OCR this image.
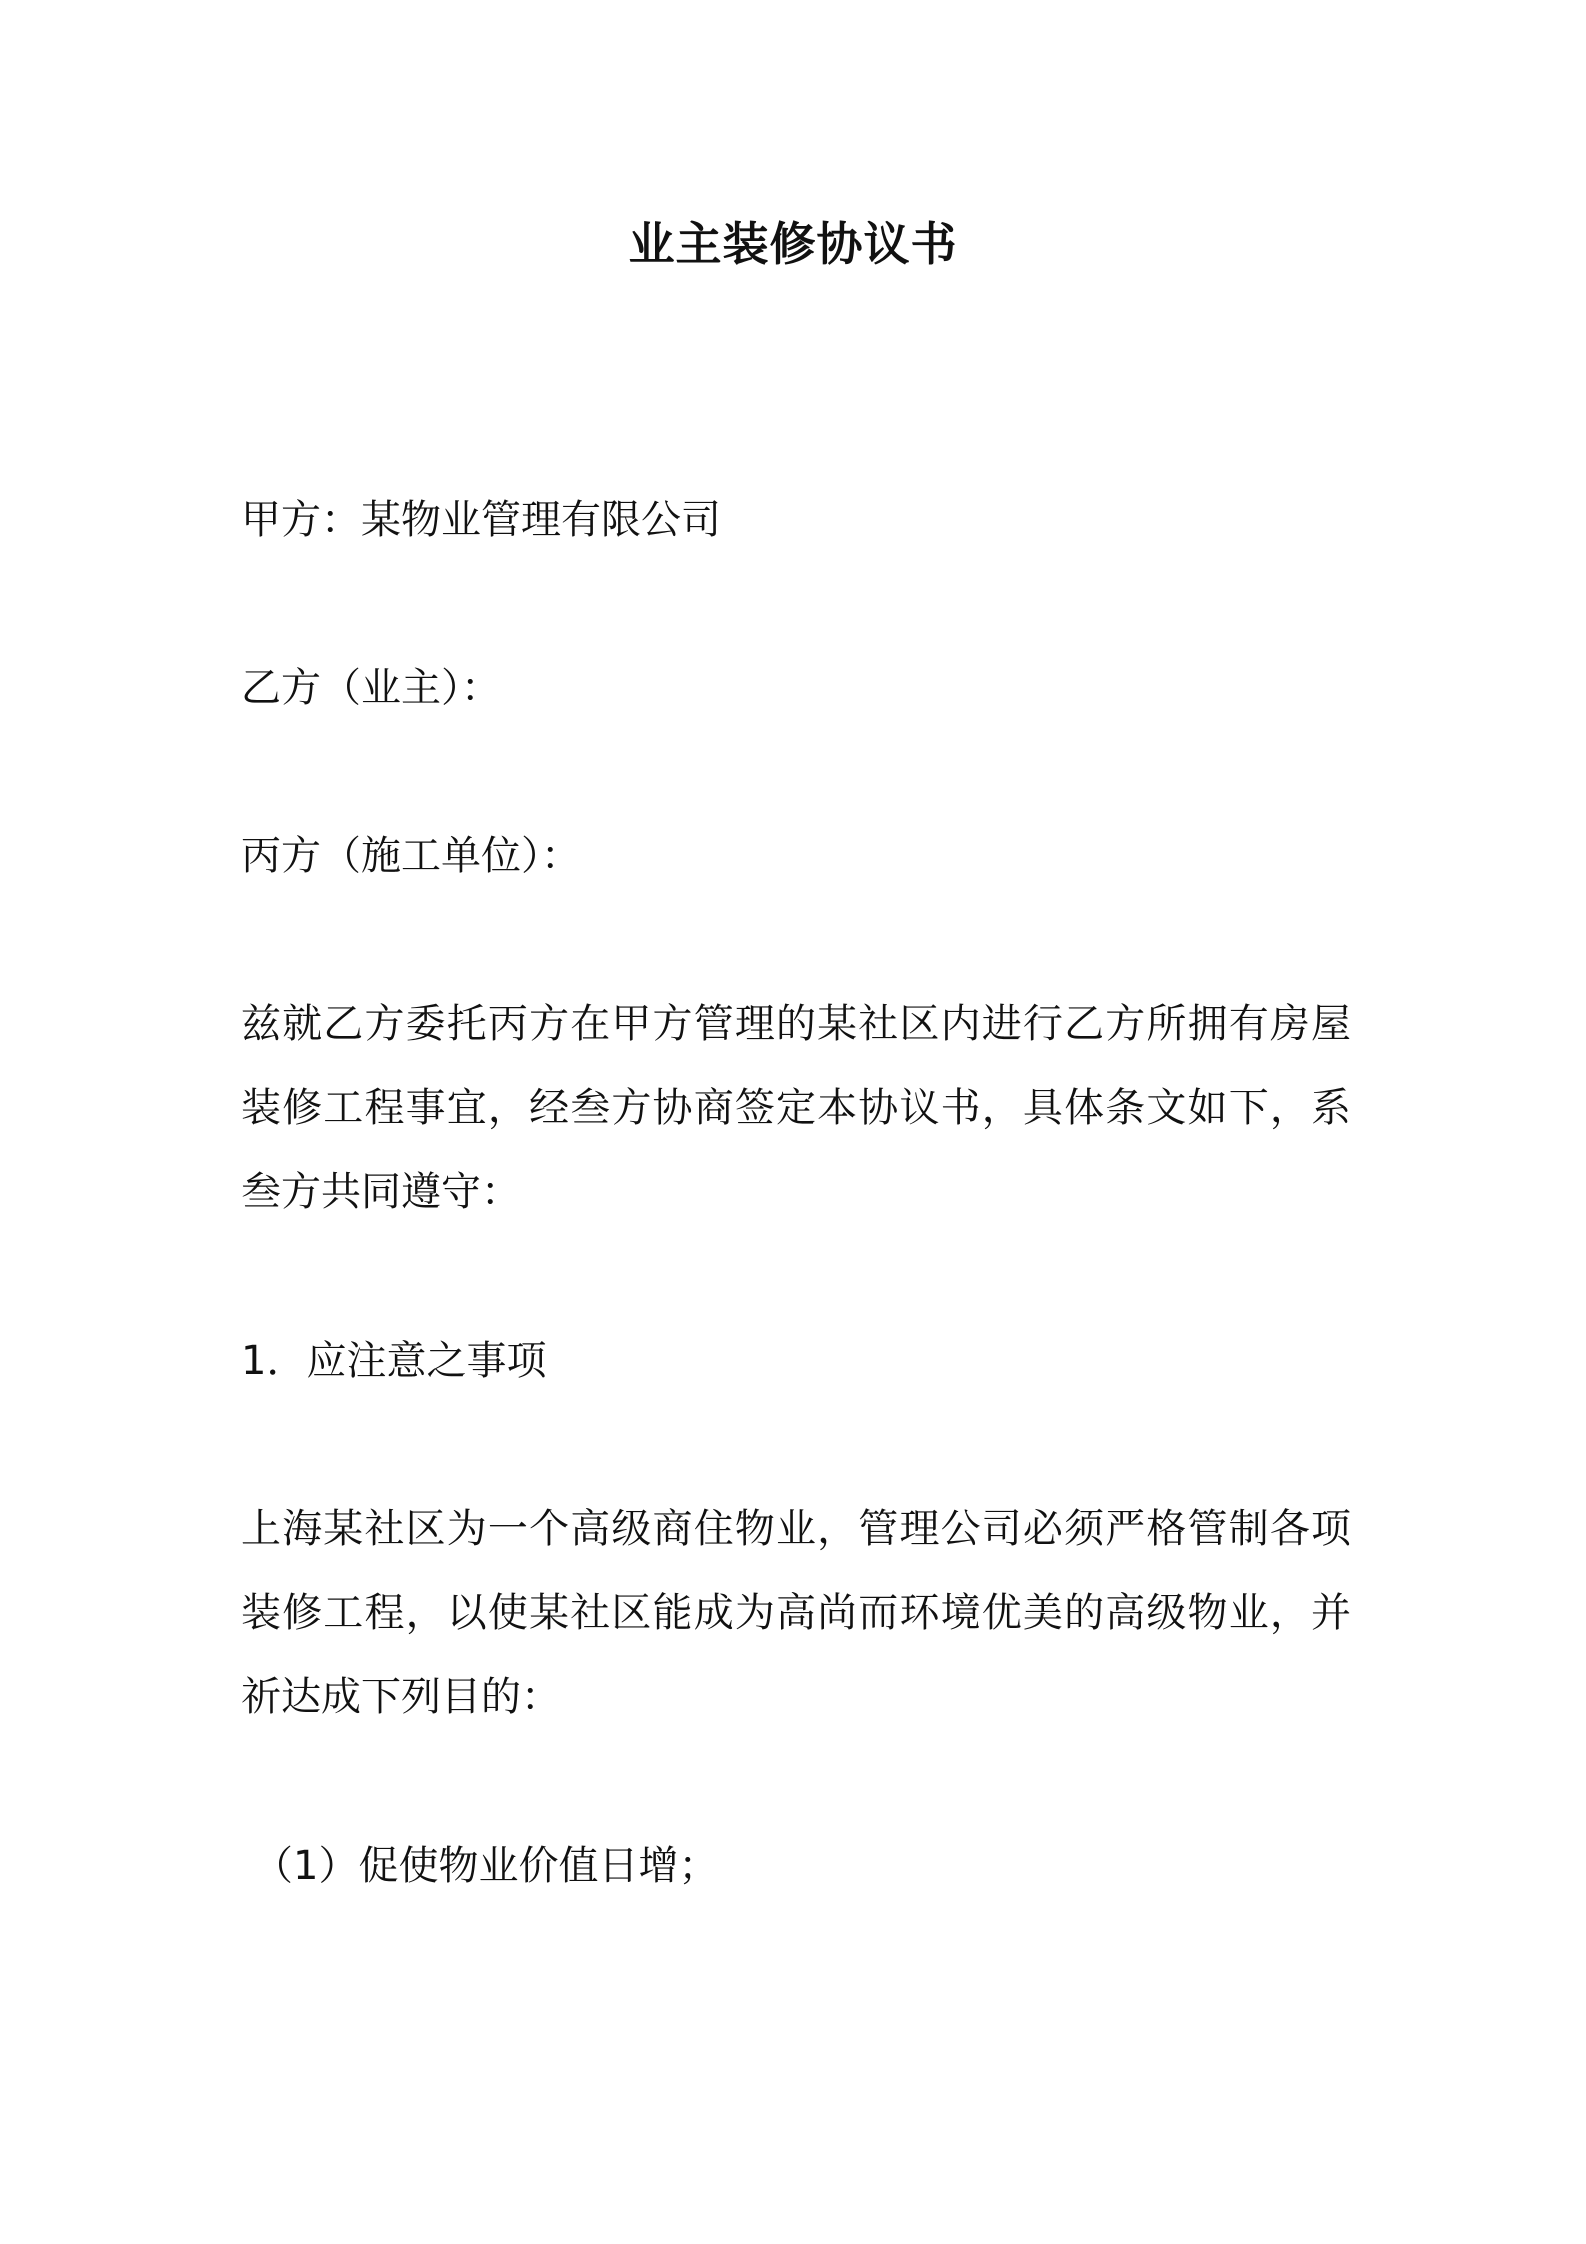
业主装修协议书
甲方：某物业管理有限公司
乙方（业主）：
丙方（施工单位）：
兹就乙方委托丙方在甲方管理的某社区内进行乙方所拥有房屋装修工程事宜，经叁方协商签定本协议书，具体条文如下，系叁方共同遵守：
1．应注意之事项
上海某社区为一个高级商住物业，管理公司必须严格管制各项装修工程，以使某社区能成为高尚而环境优美的高级物业，并祈达成下列目的：
（1）促使物业价值日增；
